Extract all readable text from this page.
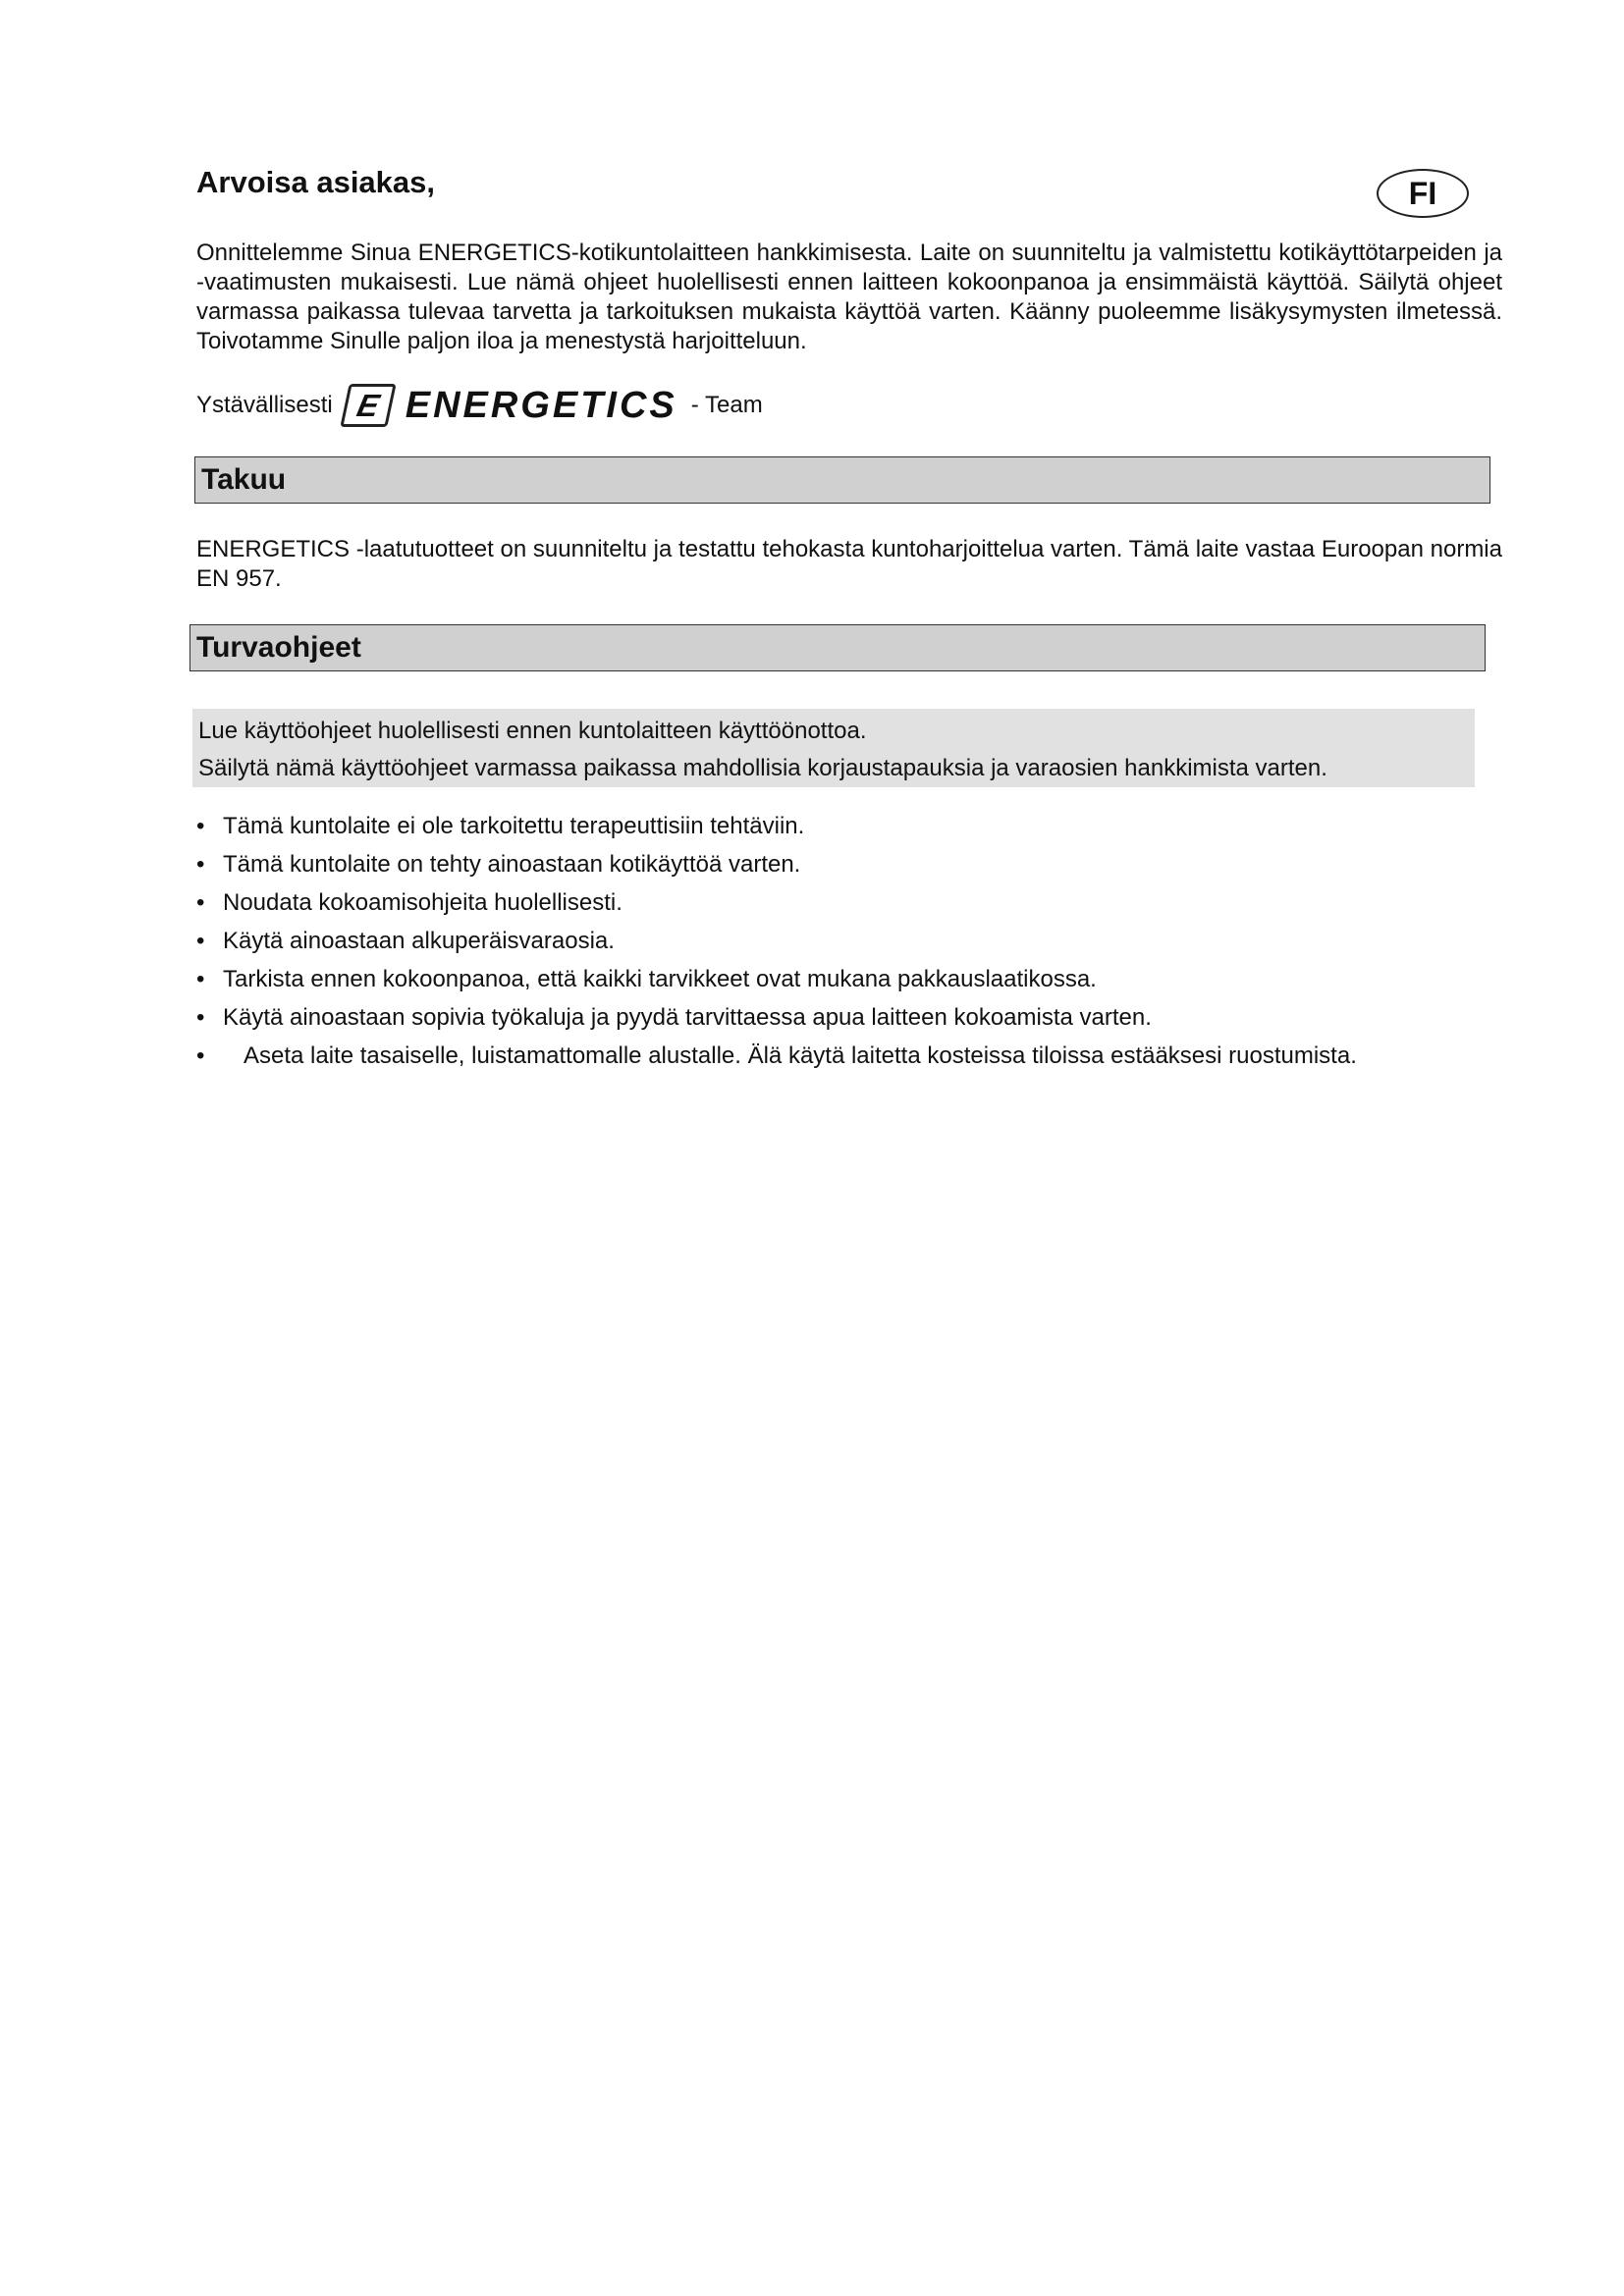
Arvoisa asiakas,	FI
Onnittelemme Sinua ENERGETICS-kotikuntolaitteen hankkimisesta. Laite on suunniteltu ja valmistettu kotikäyttötarpeiden ja -vaatimusten mukaisesti. Lue nämä ohjeet huolellisesti ennen laitteen kokoonpanoa ja ensimmäistä käyttöä. Säilytä ohjeet varmassa paikassa tulevaa tarvetta ja tarkoituksen mukaista käyttöä varten. Käänny puoleemme lisäkysymysten ilmetessä. Toivotamme Sinulle paljon iloa ja menestystä harjoitteluun.
Ystävällisesti E ENERGETICS - Team
Takuu
ENERGETICS -laatutuotteet on suunniteltu ja testattu tehokasta kuntoharjoittelua varten. Tämä laite vastaa Euroopan normia EN 957.
Turvaohjeet
Lue käyttöohjeet huolellisesti ennen kuntolaitteen käyttöönottoa.
Säilytä nämä käyttöohjeet varmassa paikassa mahdollisia korjaustapauksia ja varaosien hankkimista varten.
• Tämä kuntolaite ei ole tarkoitettu terapeuttisiin tehtäviin.
• Tämä kuntolaite on tehty ainoastaan kotikäyttöä varten.
• Noudata kokoamisohjeita huolellisesti.
• Käytä ainoastaan alkuperäisvaraosia.
• Tarkista ennen kokoonpanoa, että kaikki tarvikkeet ovat mukana pakkauslaatikossa.
• Käytä ainoastaan sopivia työkaluja ja pyydä tarvittaessa apua laitteen kokoamista varten.
• Aseta laite tasaiselle, luistamattomalle alustalle. Älä käytä laitetta kosteissa tiloissa estääksesi ruostumista.
